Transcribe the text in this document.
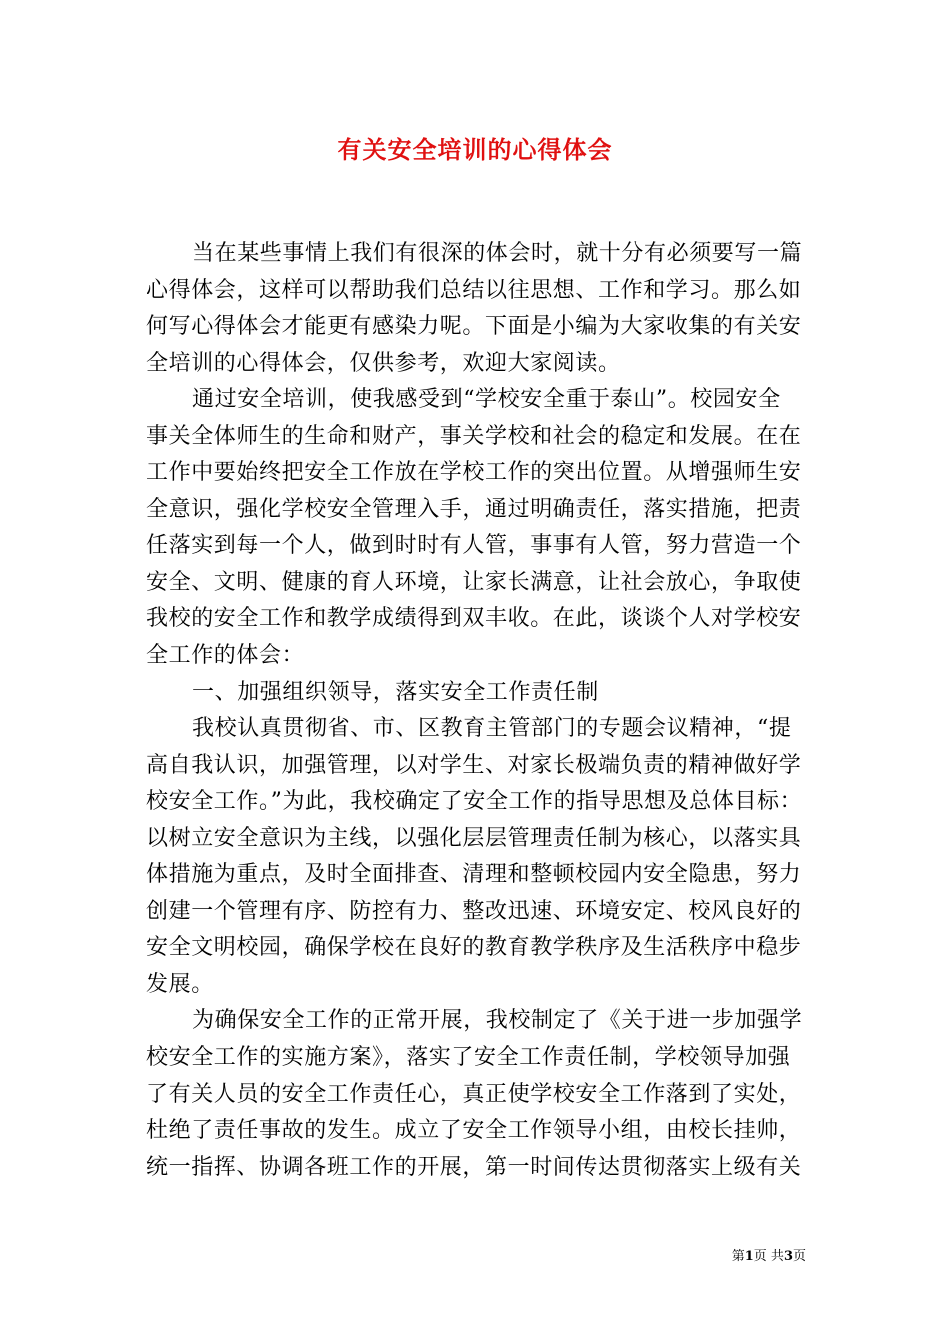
有关安全培训的心得体会
当在某些事情上我们有很深的体会时，就十分有必须要写一篇
心得体会，这样可以帮助我们总结以往思想、工作和学习。那么如
何写心得体会才能更有感染力呢。下面是小编为大家收集的有关安
全培训的心得体会，仅供参考，欢迎大家阅读。
通过安全培训，使我感受到“学校安全重于泰山”。校园安全
事关全体师生的生命和财产，事关学校和社会的稳定和发展。在在
工作中要始终把安全工作放在学校工作的突出位置。从增强师生安
全意识，强化学校安全管理入手，通过明确责任，落实措施，把责
任落实到每一个人，做到时时有人管，事事有人管，努力营造一个
安全、文明、健康的育人环境，让家长满意，让社会放心，争取使
我校的安全工作和教学成绩得到双丰收。在此，谈谈个人对学校安
全工作的体会：
一、加强组织领导，落实安全工作责任制
我校认真贯彻省、市、区教育主管部门的专题会议精神，“提
高自我认识，加强管理，以对学生、对家长极端负责的精神做好学
校安全工作。”为此，我校确定了安全工作的指导思想及总体目标：
以树立安全意识为主线，以强化层层管理责任制为核心，以落实具
体措施为重点，及时全面排查、清理和整顿校园内安全隐患，努力
创建一个管理有序、防控有力、整改迅速、环境安定、校风良好的
安全文明校园，确保学校在良好的教育教学秩序及生活秩序中稳步
发展。
为确保安全工作的正常开展，我校制定了《关于进一步加强学
校安全工作的实施方案》，落实了安全工作责任制，学校领导加强
了有关人员的安全工作责任心，真正使学校安全工作落到了实处，
杜绝了责任事故的发生。成立了安全工作领导小组，由校长挂帅，
统一指挥、协调各班工作的开展，第一时间传达贯彻落实上级有关
第1页 共3页
